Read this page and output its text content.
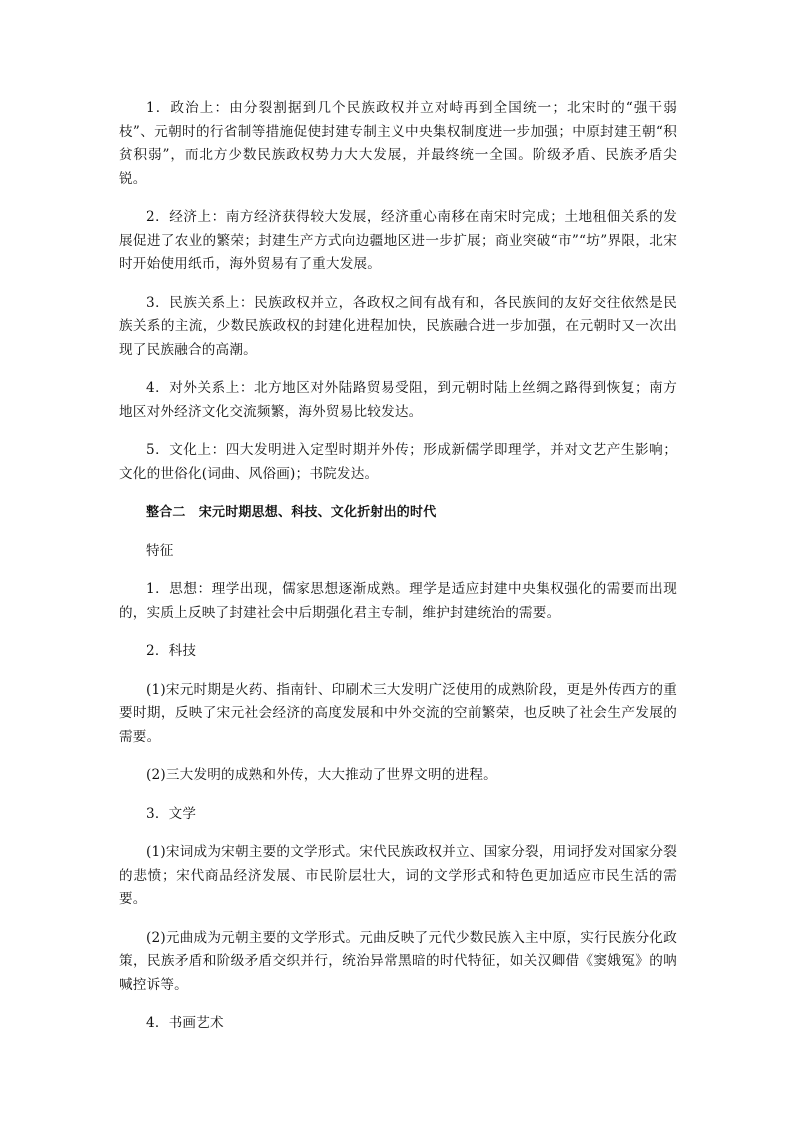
1．政治上：由分裂割据到几个民族政权并立对峙再到全国统一；北宋时的“强干弱枝”、元朝时的行省制等措施促使封建专制主义中央集权制度进一步加强；中原封建王朝“积贫积弱”，而北方少数民族政权势力大大发展，并最终统一全国。阶级矛盾、民族矛盾尖锐。

2．经济上：南方经济获得较大发展，经济重心南移在南宋时完成；土地租佃关系的发展促进了农业的繁荣；封建生产方式向边疆地区进一步扩展；商业突破“市”“坊”界限，北宋时开始使用纸币，海外贸易有了重大发展。

3．民族关系上：民族政权并立，各政权之间有战有和，各民族间的友好交往依然是民族关系的主流，少数民族政权的封建化进程加快，民族融合进一步加强，在元朝时又一次出现了民族融合的高潮。

4．对外关系上：北方地区对外陆路贸易受阻，到元朝时陆上丝绸之路得到恢复；南方地区对外经济文化交流频繁，海外贸易比较发达。

5．文化上：四大发明进入定型时期并外传；形成新儒学即理学，并对文艺产生影响；文化的世俗化(词曲、风俗画)；书院发达。

整合二　宋元时期思想、科技、文化折射出的时代

特征

1．思想：理学出现，儒家思想逐渐成熟。理学是适应封建中央集权强化的需要而出现的，实质上反映了封建社会中后期强化君主专制，维护封建统治的需要。

2．科技

(1)宋元时期是火药、指南针、印刷术三大发明广泛使用的成熟阶段，更是外传西方的重要时期，反映了宋元社会经济的高度发展和中外交流的空前繁荣，也反映了社会生产发展的需要。

(2)三大发明的成熟和外传，大大推动了世界文明的进程。

3．文学

(1)宋词成为宋朝主要的文学形式。宋代民族政权并立、国家分裂，用词抒发对国家分裂的悲愤；宋代商品经济发展、市民阶层壮大，词的文学形式和特色更加适应市民生活的需要。

(2)元曲成为元朝主要的文学形式。元曲反映了元代少数民族入主中原，实行民族分化政策，民族矛盾和阶级矛盾交织并行，统治异常黑暗的时代特征，如关汉卿借《窦娥冤》的呐喊控诉等。

4．书画艺术
